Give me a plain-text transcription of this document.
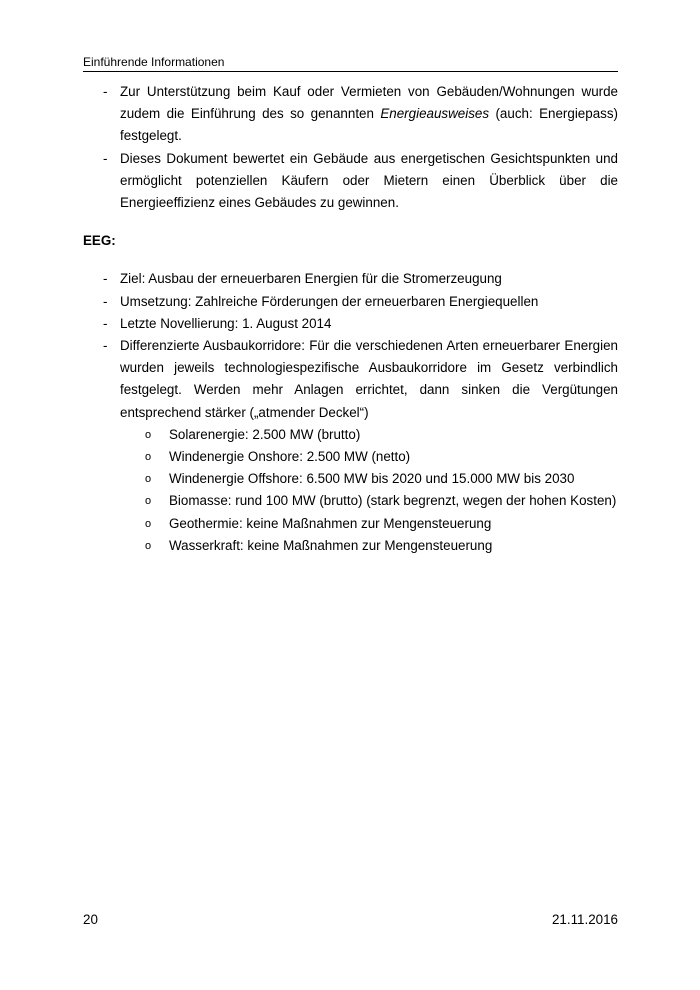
Einführende Informationen
- Zur Unterstützung beim Kauf oder Vermieten von Gebäuden/Wohnungen wurde zudem die Einführung des so genannten Energieausweises (auch: Energiepass) festgelegt.
- Dieses Dokument bewertet ein Gebäude aus energetischen Gesichtspunkten und ermöglicht potenziellen Käufern oder Mietern einen Überblick über die Energieeffizienz eines Gebäudes zu gewinnen.
EEG:
- Ziel: Ausbau der erneuerbaren Energien für die Stromerzeugung
- Umsetzung: Zahlreiche Förderungen der erneuerbaren Energiequellen
- Letzte Novellierung: 1. August 2014
- Differenzierte Ausbaukorridore: Für die verschiedenen Arten erneuerbarer Energien wurden jeweils technologiespezifische Ausbaukorridore im Gesetz verbindlich festgelegt. Werden mehr Anlagen errichtet, dann sinken die Vergütungen entsprechend stärker („atmender Deckel“)
o Solarenergie: 2.500 MW (brutto)
o Windenergie Onshore: 2.500 MW (netto)
o Windenergie Offshore: 6.500 MW bis 2020 und 15.000 MW bis 2030
o Biomasse: rund 100 MW (brutto) (stark begrenzt, wegen der hohen Kosten)
o Geothermie: keine Maßnahmen zur Mengensteuerung
o Wasserkraft: keine Maßnahmen zur Mengensteuerung
20	21.11.2016
